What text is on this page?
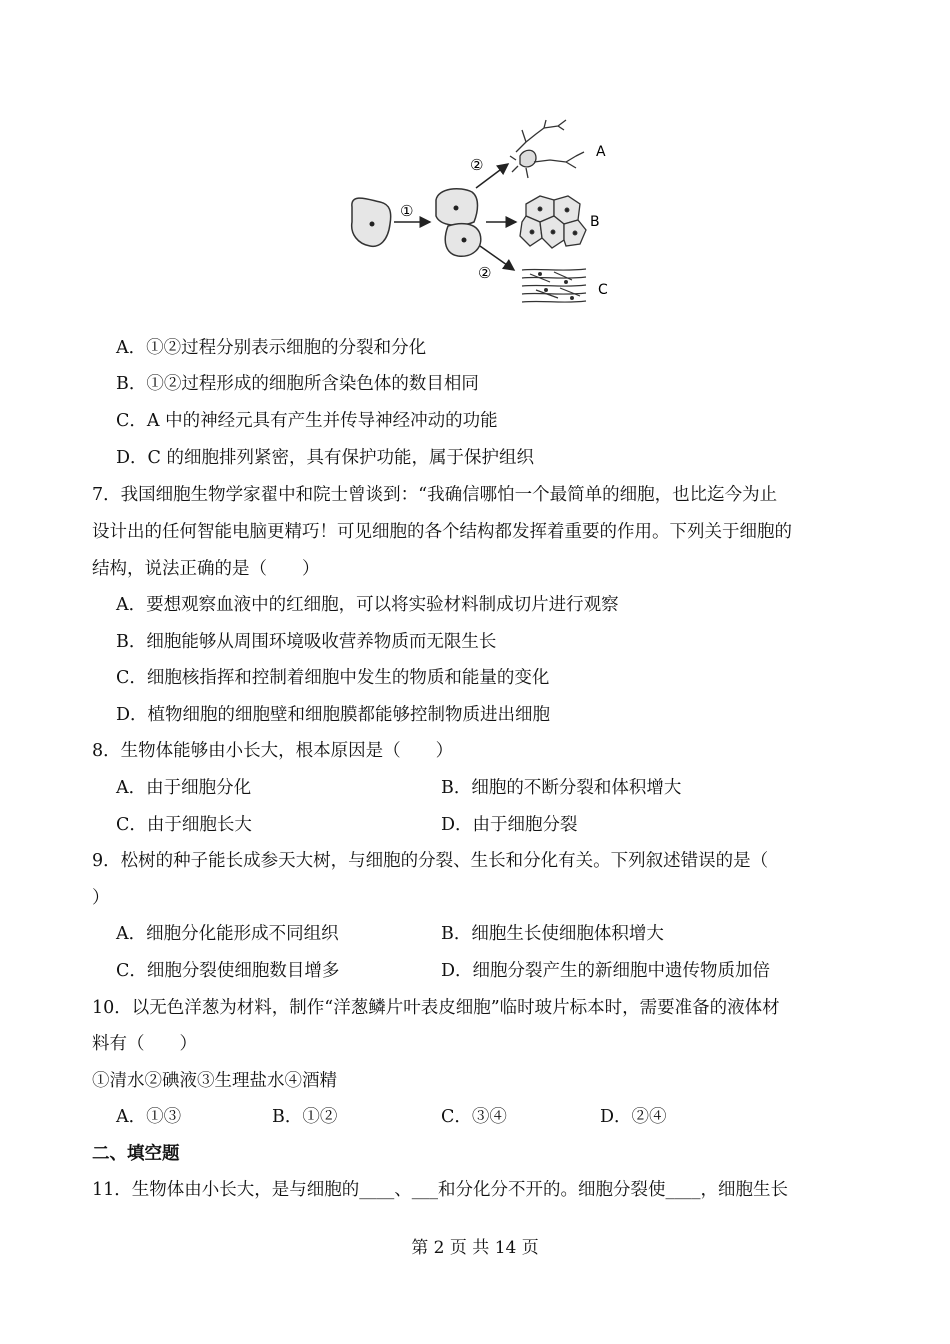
①
②
②
A
B
C
A．①②过程分别表示细胞的分裂和分化
B．①②过程形成的细胞所含染色体的数目相同
C．A 中的神经元具有产生并传导神经冲动的功能
D．C 的细胞排列紧密，具有保护功能，属于保护组织
7．我国细胞生物学家翟中和院士曾谈到：“我确信哪怕一个最简单的细胞，也比迄今为止
设计出的任何智能电脑更精巧！可见细胞的各个结构都发挥着重要的作用。下列关于细胞的
结构，说法正确的是（　　）
A．要想观察血液中的红细胞，可以将实验材料制成切片进行观察
B．细胞能够从周围环境吸收营养物质而无限生长
C．细胞核指挥和控制着细胞中发生的物质和能量的变化
D．植物细胞的细胞壁和细胞膜都能够控制物质进出细胞
8．生物体能够由小长大，根本原因是（　　）
A．由于细胞分化	B．细胞的不断分裂和体积增大
C．由于细胞长大	D．由于细胞分裂
9．松树的种子能长成参天大树，与细胞的分裂、生长和分化有关。下列叙述错误的是（
）
A．细胞分化能形成不同组织	B．细胞生长使细胞体积增大
C．细胞分裂使细胞数目增多	D．细胞分裂产生的新细胞中遗传物质加倍
10．以无色洋葱为材料，制作“洋葱鳞片叶表皮细胞”临时玻片标本时，需要准备的液体材
料有（　　）
①清水②碘液③生理盐水④酒精
A．①③	B．①②	C．③④	D．②④
二、填空题
11．生物体由小长大，是与细胞的____、___和分化分不开的。细胞分裂使____，细胞生长
第 2 页 共 14 页
